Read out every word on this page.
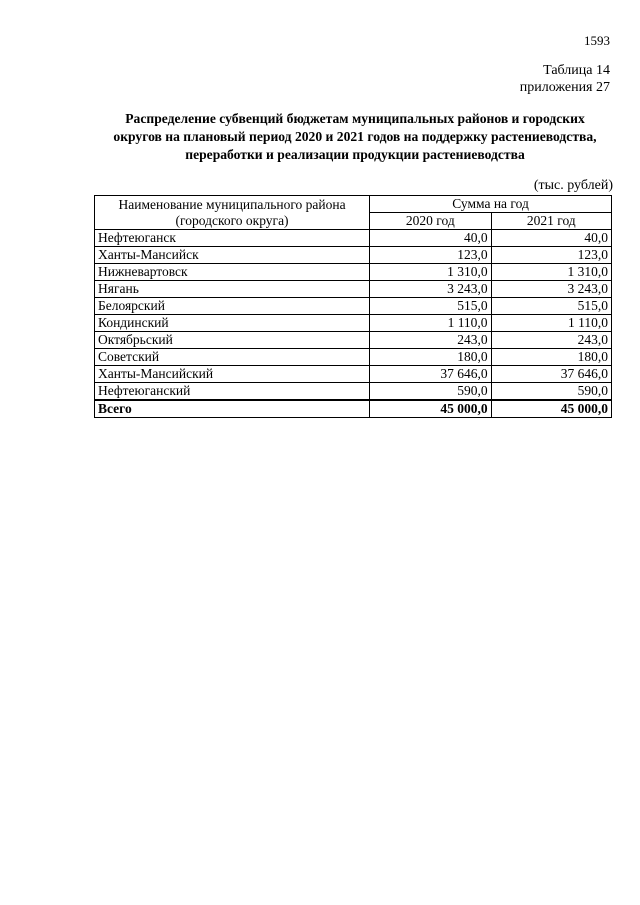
1593
Таблица 14
приложения 27
Распределение субвенций бюджетам муниципальных районов и городских
округов на плановый период 2020 и 2021 годов на поддержку растениеводства,
переработки и реализации продукции растениеводства
(тыс. рублей)
Наименование муниципального района
(городского округа)	Сумма на год	
	2020 год	2021 год
Нефтеюганск	40,0	40,0
Ханты-Мансийск	123,0	123,0
Нижневартовск	1 310,0	1 310,0
Нягань	3 243,0	3 243,0
Белоярский	515,0	515,0
Кондинский	1 110,0	1 110,0
Октябрьский	243,0	243,0
Советский	180,0	180,0
Ханты-Мансийский	37 646,0	37 646,0
Нефтеюганский	590,0	590,0
Всего	45 000,0	45 000,0
